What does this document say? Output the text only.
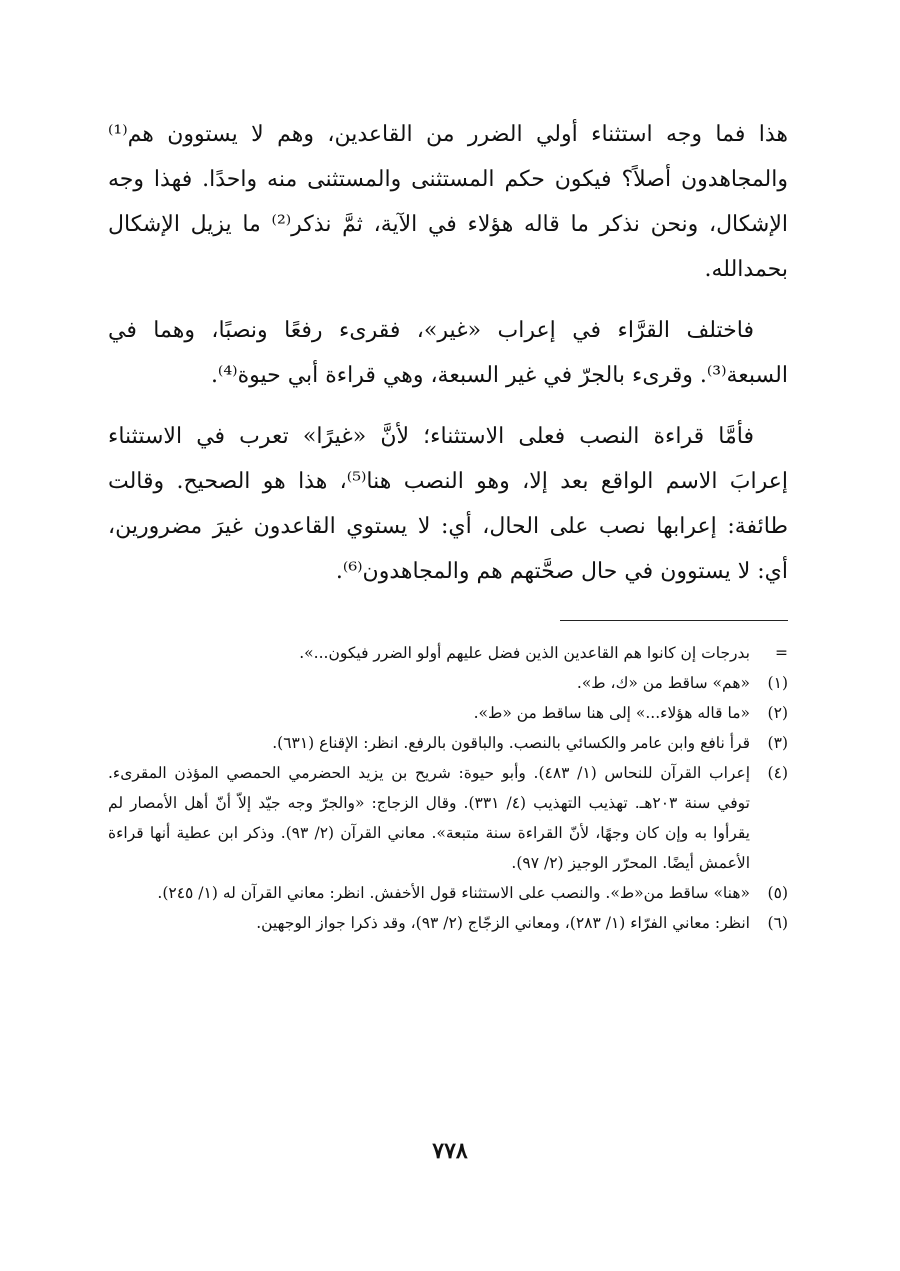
هذا فما وجه استثناء أولي الضرر من القاعدين، وهم لا يستوون هم⁽¹⁾ والمجاهدون أصلاً؟ فيكون حكم المستثنى والمستثنى منه واحدًا. فهذا وجه الإشكال، ونحن نذكر ما قاله هؤلاء في الآية، ثمَّ نذكر⁽²⁾ ما يزيل الإشكال بحمدالله.

فاختلف القرَّاء في إعراب «غير»، فقرىء رفعًا ونصبًا، وهما في السبعة⁽³⁾. وقرىء بالجرّ في غير السبعة، وهي قراءة أبي حيوة⁽⁴⁾.

فأمَّا قراءة النصب فعلى الاستثناء؛ لأنَّ «غيرًا» تعرب في الاستثناء إعرابَ الاسم الواقع بعد إلا، وهو النصب هنا⁽⁵⁾، هذا هو الصحيح. وقالت طائفة: إعرابها نصب على الحال، أي: لا يستوي القاعدون غيرَ مضرورين، أي: لا يستوون في حال صحَّتهم هم والمجاهدون⁽⁶⁾.

=
بدرجات إن كانوا هم القاعدين الذين فضل عليهم أولو الضرر فيكون...».
(١)
«هم» ساقط من «ك، ط».
(٢)
«ما قاله هؤلاء...» إلى هنا ساقط من «ط».
(٣)
قرأ نافع وابن عامر والكسائي بالنصب. والباقون بالرفع. انظر: الإقناع (٦٣١).
(٤)
إعراب القرآن للنحاس (١/ ٤٨٣). وأبو حيوة: شريح بن يزيد الحضرمي الحمصي المؤذن المقرىء. توفي سنة ٢٠٣هـ. تهذيب التهذيب (٤/ ٣٣١). وقال الزجاج: «والجرّ وجه جيّد إلاّ أنّ أهل الأمصار لم يقرأوا به وإن كان وجهًا، لأنّ القراءة سنة متبعة». معاني القرآن (٢/ ٩٣). وذكر ابن عطية أنها قراءة الأعمش أيضًا. المحرّر الوجيز (٢/ ٩٧).
(٥)
«هنا» ساقط من«ط». والنصب على الاستثناء قول الأخفش. انظر: معاني القرآن له (١/ ٢٤٥).
(٦)
انظر: معاني الفرّاء (١/ ٢٨٣)، ومعاني الزجّاج (٢/ ٩٣)، وقد ذكرا جواز الوجهين.
٧٧٨
